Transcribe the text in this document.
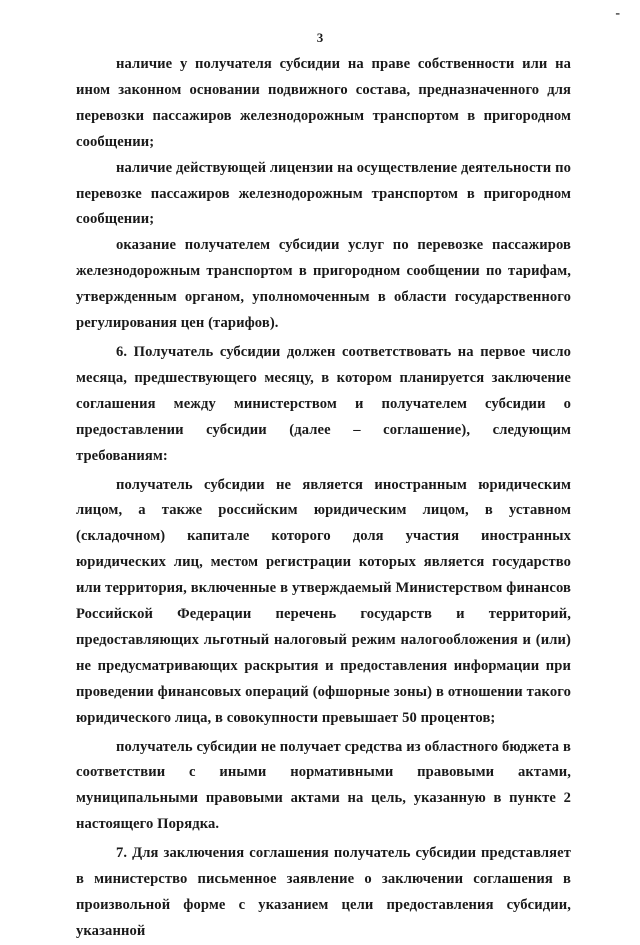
-
3

наличие у получателя субсидии на праве собственности или на ином законном основании подвижного состава, предназначенного для перевозки пассажиров железнодорожным транспортом в пригородном сообщении;

наличие действующей лицензии на осуществление деятельности по перевозке пассажиров железнодорожным транспортом в пригородном сообщении;

оказание получателем субсидии услуг по перевозке пассажиров железнодорожным транспортом в пригородном сообщении по тарифам, утвержденным органом, уполномоченным в области государственного регулирования цен (тарифов).

6. Получатель субсидии должен соответствовать на первое число месяца, предшествующего месяцу, в котором планируется заключение соглашения между министерством и получателем субсидии о предоставлении субсидии (далее – соглашение), следующим требованиям:

получатель субсидии не является иностранным юридическим лицом, а также российским юридическим лицом, в уставном (складочном) капитале которого доля участия иностранных юридических лиц, местом регистрации которых является государство или территория, включенные в утверждаемый Министерством финансов Российской Федерации перечень государств и территорий, предоставляющих льготный налоговый режим налогообложения и (или) не предусматривающих раскрытия и предоставления информации при проведении финансовых операций (офшорные зоны) в отношении такого юридического лица, в совокупности превышает 50 процентов;

получатель субсидии не получает средства из областного бюджета в соответствии с иными нормативными правовыми актами, муниципальными правовыми актами на цель, указанную в пункте 2 настоящего Порядка.

7. Для заключения соглашения получатель субсидии представляет в министерство письменное заявление о заключении соглашения в произвольной форме с указанием цели предоставления субсидии, указанной
